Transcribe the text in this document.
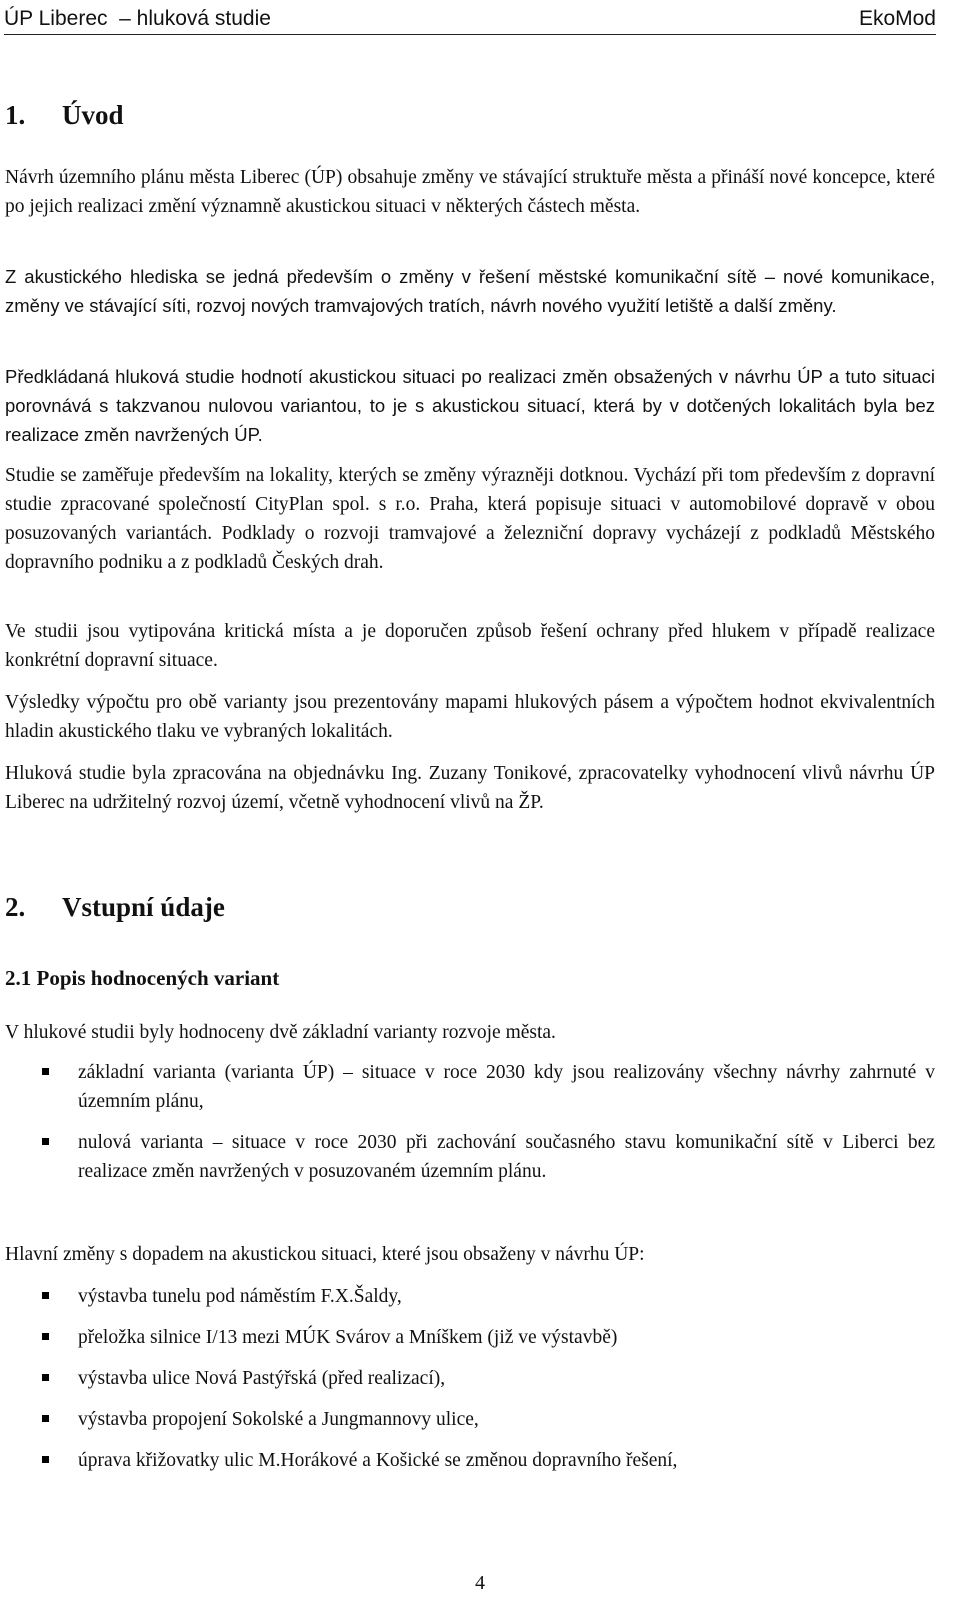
ÚP Liberec  – hluková studie	EkoMod
1. Úvod

Návrh územního plánu města Liberec (ÚP) obsahuje změny ve stávající struktuře města a přináší nové koncepce, které po jejich realizaci změní významně akustickou situaci v některých částech města.

Z akustického hlediska se jedná především o změny v řešení městské komunikační sítě – nové komunikace, změny ve stávající síti, rozvoj nových tramvajových tratích, návrh nového využití letiště a další změny.

Předkládaná hluková studie hodnotí akustickou situaci po realizaci změn obsažených v návrhu ÚP a tuto situaci porovnává s takzvanou nulovou variantou, to je s akustickou situací, která by v dotčených lokalitách byla bez realizace změn navržených ÚP.

Studie se zaměřuje především na lokality, kterých se změny výrazněji dotknou. Vychází při tom především z dopravní studie zpracované společností CityPlan spol. s r.o. Praha, která popisuje situaci v automobilové dopravě v obou posuzovaných variantách. Podklady o rozvoji tramvajové a železniční dopravy vycházejí z podkladů Městského dopravního podniku a z podkladů Českých drah.

Ve studii jsou vytipována kritická místa a je doporučen způsob řešení ochrany před hlukem v případě realizace konkrétní dopravní situace.

Výsledky výpočtu pro obě varianty jsou prezentovány mapami hlukových pásem a výpočtem hodnot ekvivalentních hladin akustického tlaku ve vybraných lokalitách.

Hluková studie byla zpracována na objednávku Ing. Zuzany Tonikové, zpracovatelky vyhodnocení vlivů návrhu ÚP Liberec na udržitelný rozvoj území, včetně vyhodnocení vlivů na ŽP.

2. Vstupní údaje
2.1 Popis hodnocených variant

V hlukové studii byly hodnoceny dvě základní varianty rozvoje města.

základní varianta (varianta ÚP) – situace v roce 2030 kdy jsou realizovány všechny návrhy zahrnuté v územním plánu,
nulová varianta – situace v roce 2030 při zachování současného stavu komunikační sítě v Liberci bez realizace změn navržených v posuzovaném územním plánu.

Hlavní změny s dopadem na akustickou situaci, které jsou obsaženy v návrhu ÚP:

výstavba tunelu pod náměstím F.X.Šaldy,
přeložka silnice I/13 mezi MÚK Svárov a Mníškem (již ve výstavbě)
výstavba ulice Nová Pastýřská (před realizací),
výstavba propojení Sokolské a Jungmannovy ulice,
úprava křižovatky ulic M.Horákové a Košické se změnou dopravního řešení,
4
